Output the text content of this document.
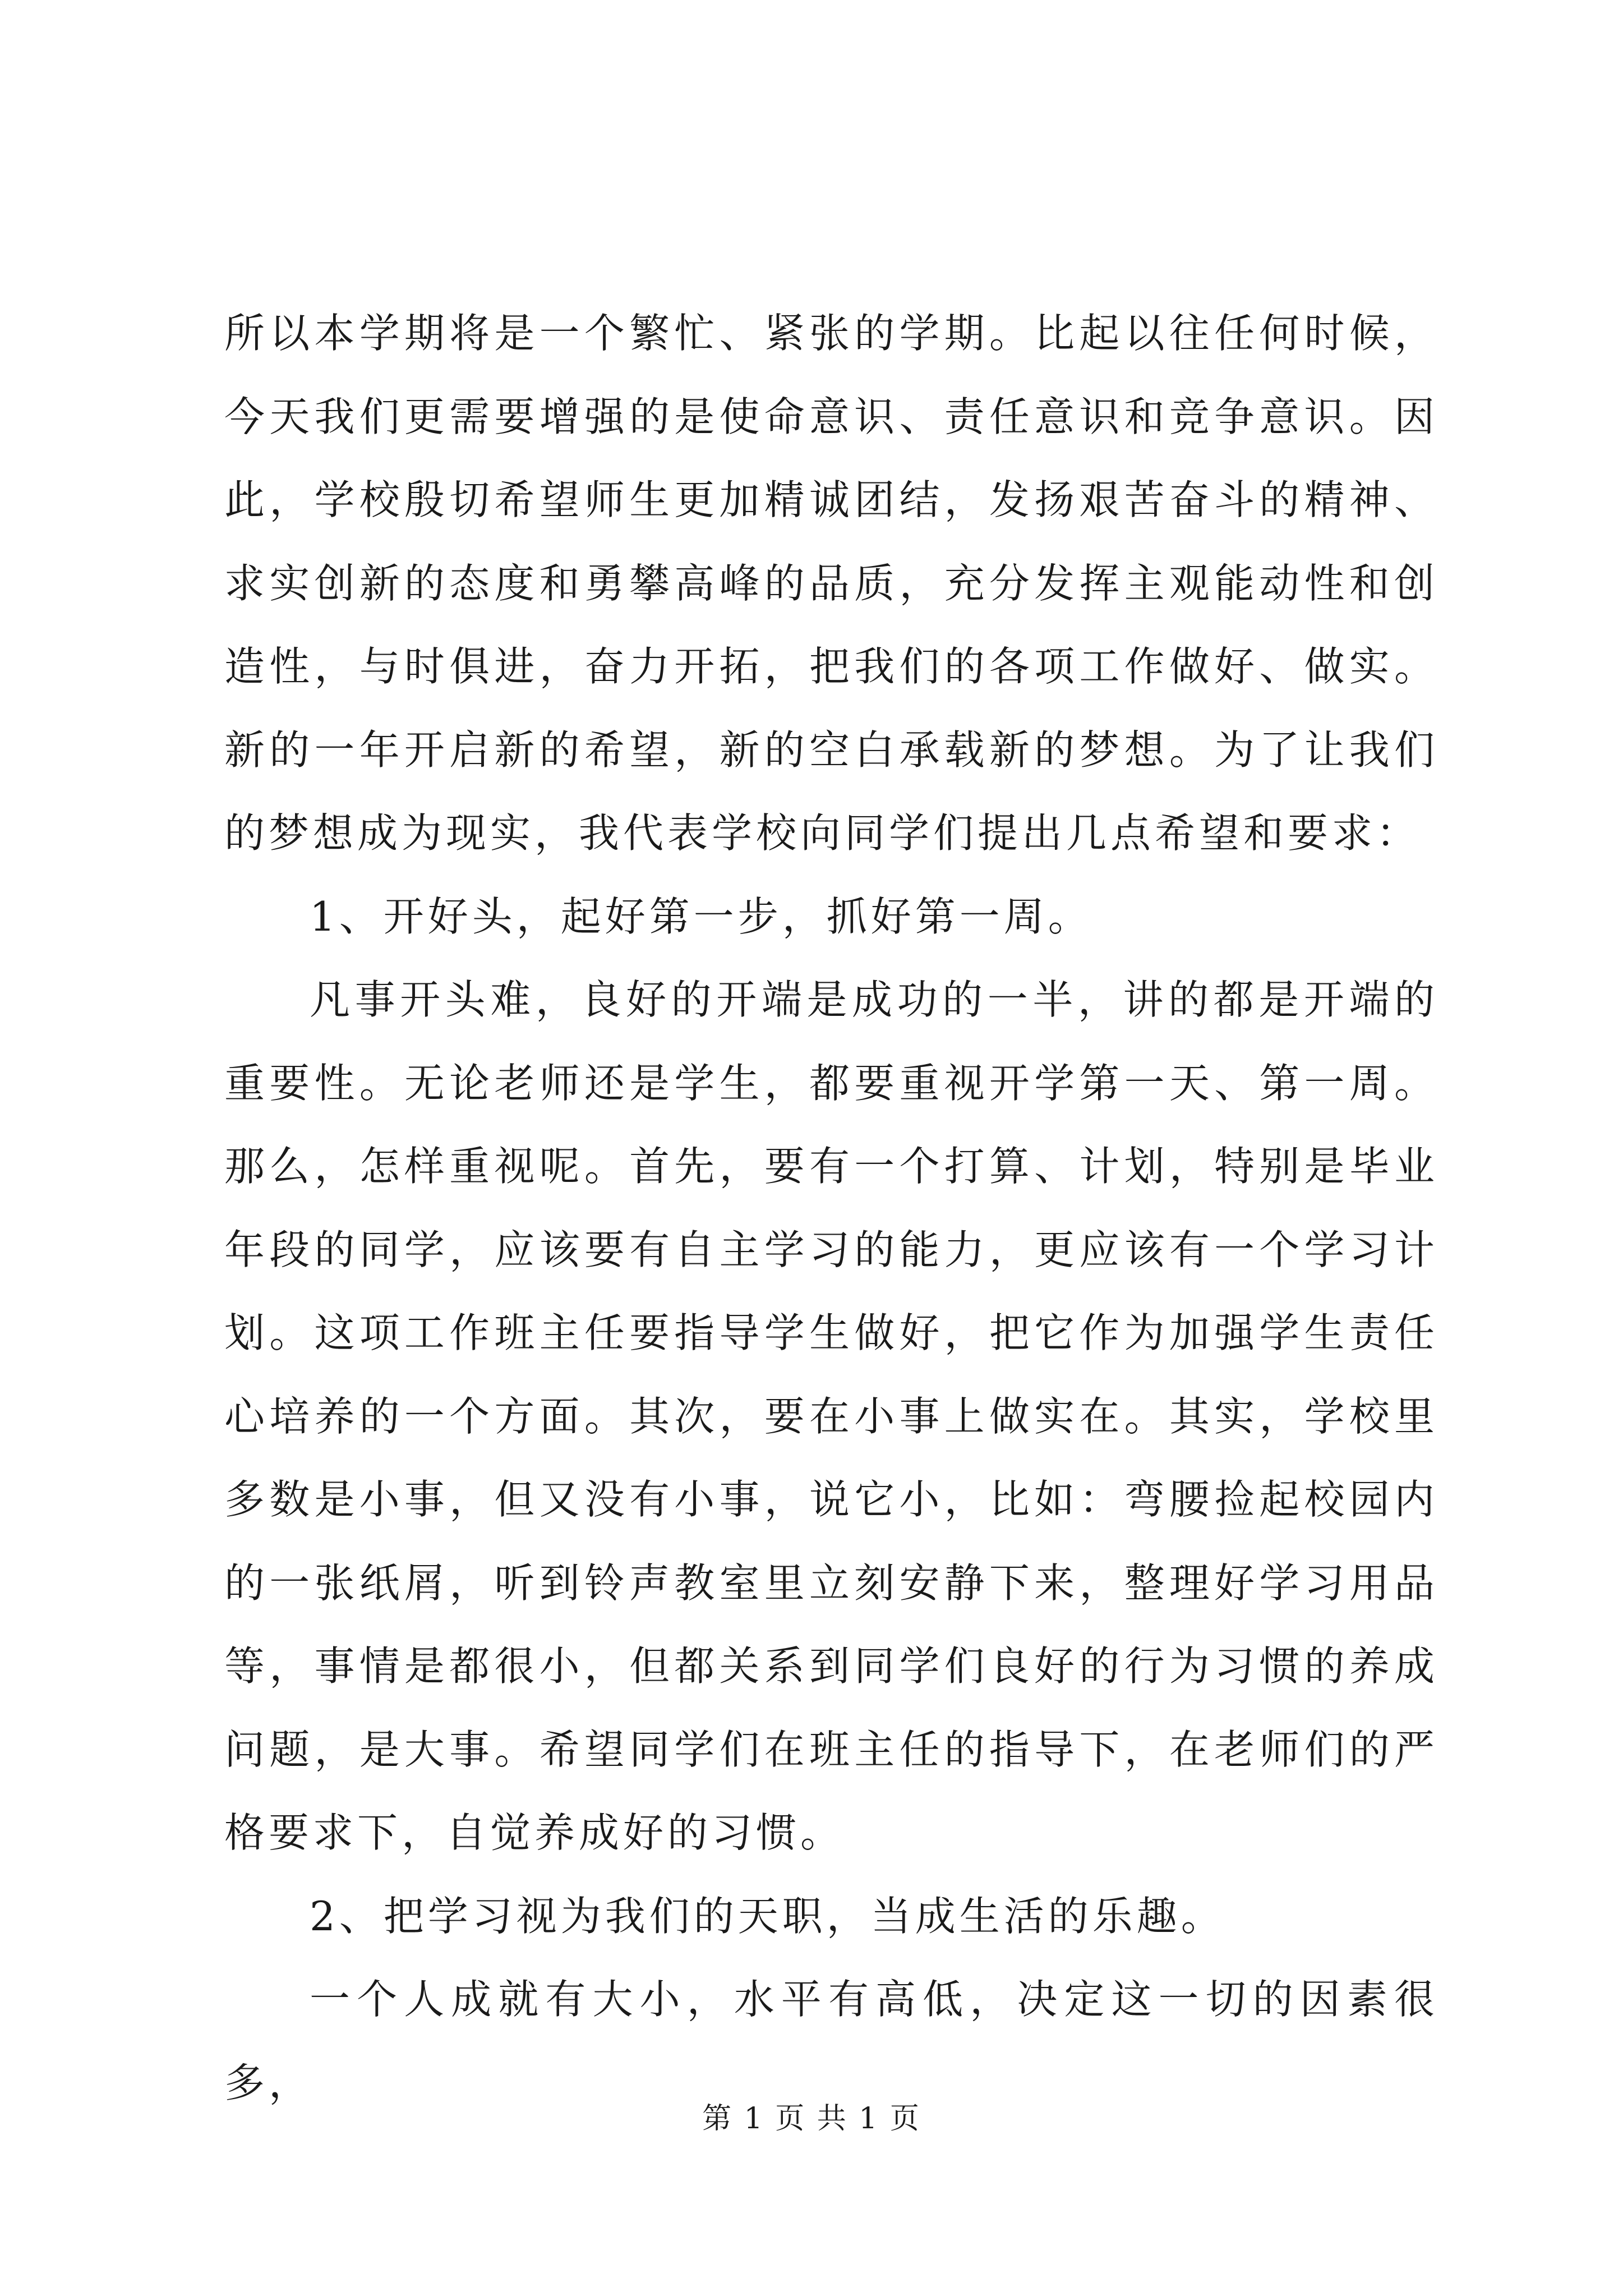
所以本学期将是一个繁忙、紧张的学期。比起以往任何时候，今天我们更需要增强的是使命意识、责任意识和竞争意识。因此，学校殷切希望师生更加精诚团结，发扬艰苦奋斗的精神、求实创新的态度和勇攀高峰的品质，充分发挥主观能动性和创造性，与时俱进，奋力开拓，把我们的各项工作做好、做实。新的一年开启新的希望，新的空白承载新的梦想。为了让我们的梦想成为现实，我代表学校向同学们提出几点希望和要求：

1、开好头，起好第一步，抓好第一周。

凡事开头难，良好的开端是成功的一半，讲的都是开端的重要性。无论老师还是学生，都要重视开学第一天、第一周。那么，怎样重视呢。首先，要有一个打算、计划，特别是毕业年段的同学，应该要有自主学习的能力，更应该有一个学习计划。这项工作班主任要指导学生做好，把它作为加强学生责任心培养的一个方面。其次，要在小事上做实在。其实，学校里多数是小事，但又没有小事，说它小，比如：弯腰捡起校园内的一张纸屑，听到铃声教室里立刻安静下来，整理好学习用品等，事情是都很小，但都关系到同学们良好的行为习惯的养成问题，是大事。希望同学们在班主任的指导下，在老师们的严格要求下，自觉养成好的习惯。

2、把学习视为我们的天职，当成生活的乐趣。

一个人成就有大小，水平有高低，决定这一切的因素很多，

第 1 页 共 1 页
